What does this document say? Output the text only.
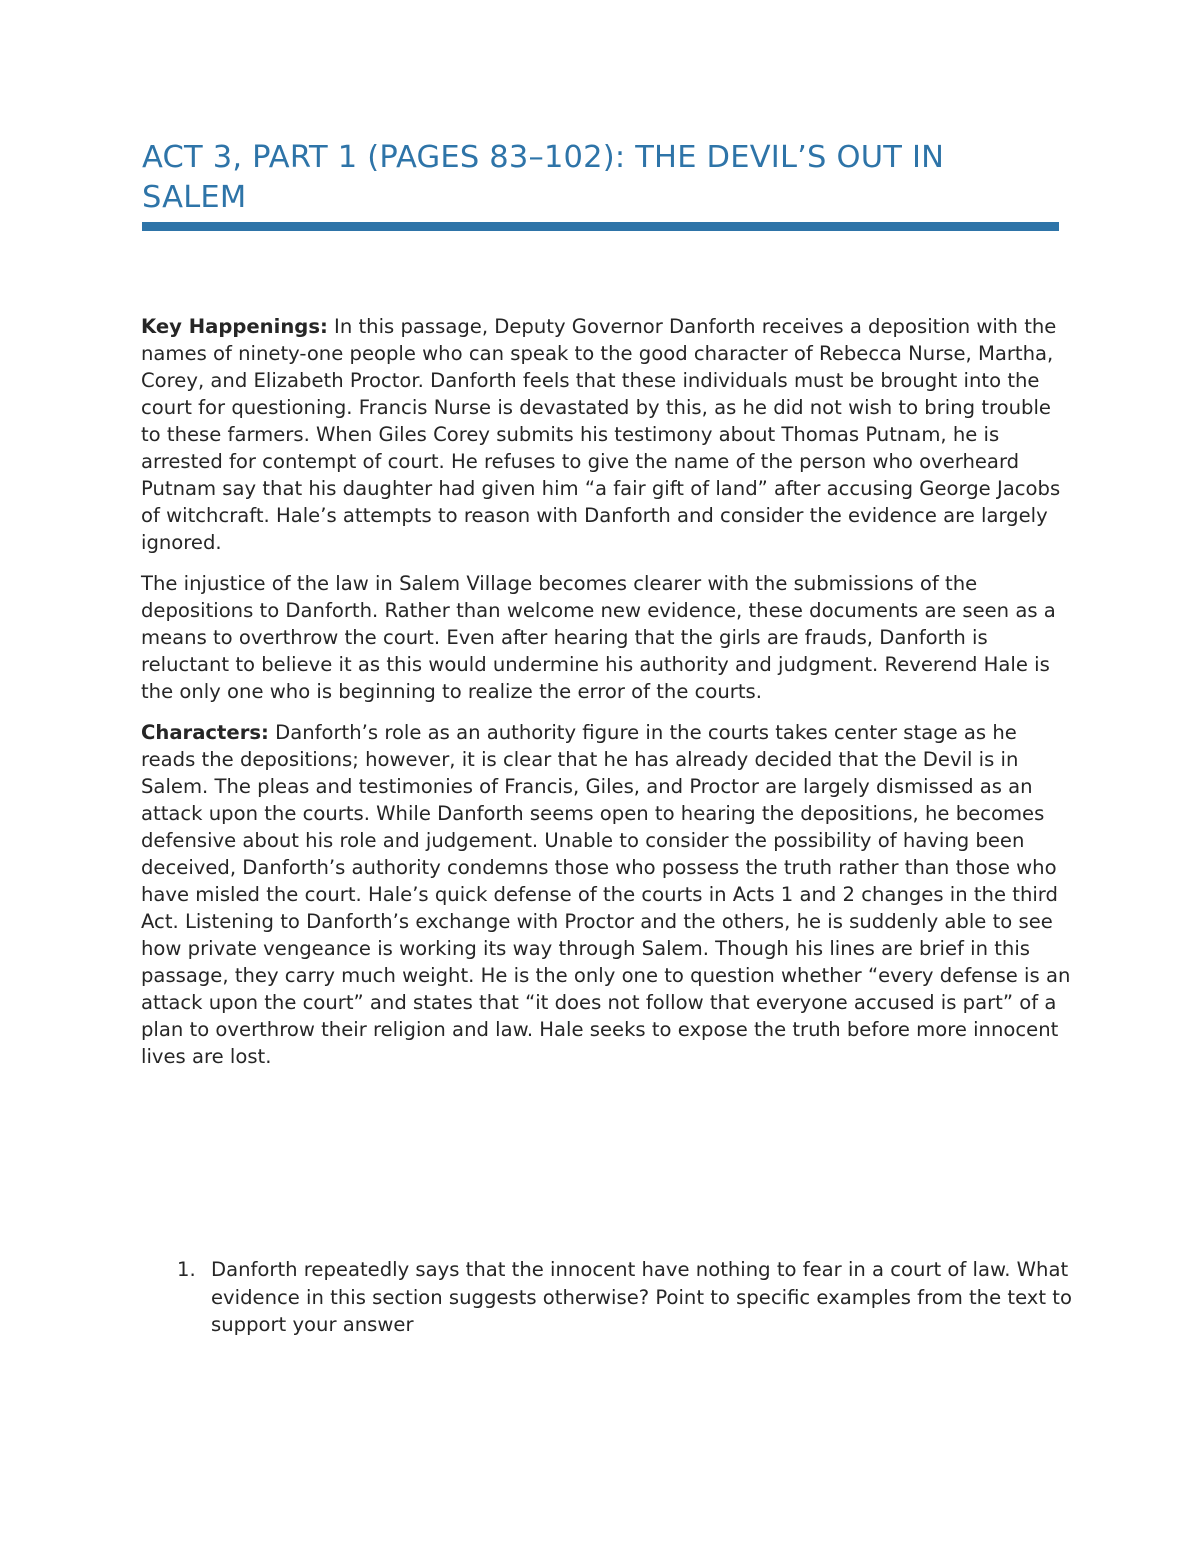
ACT 3, PART 1 (PAGES 83–102): THE DEVIL’S OUT IN SALEM

Key Happenings: In this passage, Deputy Governor Danforth receives a deposition with the names of ninety-one people who can speak to the good character of Rebecca Nurse, Martha, Corey, and Elizabeth Proctor. Danforth feels that these individuals must be brought into the court for questioning. Francis Nurse is devastated by this, as he did not wish to bring trouble to these farmers. When Giles Corey submits his testimony about Thomas Putnam, he is arrested for contempt of court. He refuses to give the name of the person who overheard Putnam say that his daughter had given him “a fair gift of land” after accusing George Jacobs of witchcraft. Hale’s attempts to reason with Danforth and consider the evidence are largely ignored.

The injustice of the law in Salem Village becomes clearer with the submissions of the depositions to Danforth. Rather than welcome new evidence, these documents are seen as a means to overthrow the court. Even after hearing that the girls are frauds, Danforth is reluctant to believe it as this would undermine his authority and judgment. Reverend Hale is the only one who is beginning to realize the error of the courts.

Characters: Danforth’s role as an authority figure in the courts takes center stage as he reads the depositions; however, it is clear that he has already decided that the Devil is in Salem. The pleas and testimonies of Francis, Giles, and Proctor are largely dismissed as an attack upon the courts. While Danforth seems open to hearing the depositions, he becomes defensive about his role and judgement. Unable to consider the possibility of having been deceived, Danforth’s authority condemns those who possess the truth rather than those who have misled the court. Hale’s quick defense of the courts in Acts 1 and 2 changes in the third Act. Listening to Danforth’s exchange with Proctor and the others, he is suddenly able to see how private vengeance is working its way through Salem. Though his lines are brief in this passage, they carry much weight. He is the only one to question whether “every defense is an attack upon the court” and states that “it does not follow that everyone accused is part” of a plan to overthrow their religion and law. Hale seeks to expose the truth before more innocent lives are lost.

1. Danforth repeatedly says that the innocent have nothing to fear in a court of law. What evidence in this section suggests otherwise? Point to specific examples from the text to support your answer
